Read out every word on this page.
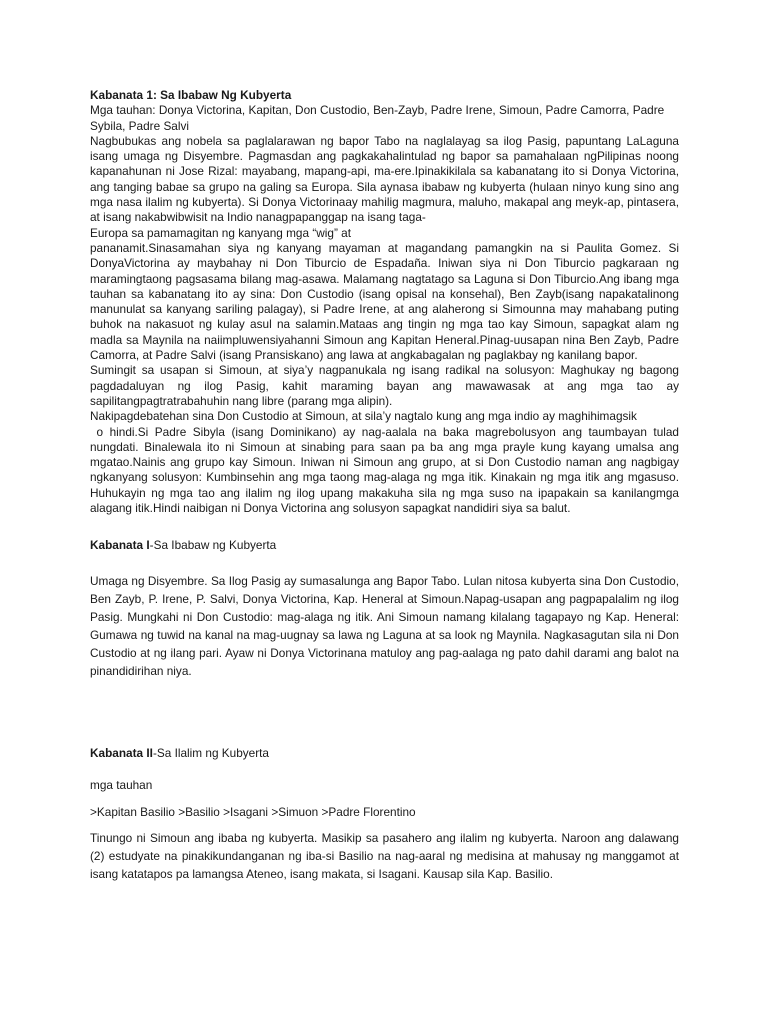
Kabanata 1: Sa Ibabaw Ng Kubyerta

Mga tauhan: Donya Victorina, Kapitan, Don Custodio, Ben-Zayb, Padre Irene, Simoun, Padre Camorra, Padre Sybila, Padre Salvi

Nagbubukas ang nobela sa paglalarawan ng bapor Tabo na naglalayag sa ilog Pasig, papuntang LaLaguna isang umaga ng Disyembre. Pagmasdan ang pagkakahalintulad ng bapor sa pamahalaan ngPilipinas noong kapanahunan ni Jose Rizal: mayabang, mapang-api, ma-ere.Ipinakikilala sa kabanatang ito si Donya Victorina, ang tanging babae sa grupo na galing sa Europa. Sila aynasa ibabaw ng kubyerta (hulaan ninyo kung sino ang mga nasa ilalim ng kubyerta). Si Donya Victorinaay mahilig magmura, maluho, makapal ang meyk-ap, pintasera, at isang nakabwibwisit na Indio nanagpapanggap na isang taga-

Europa sa pamamagitan ng kanyang mga “wig” at

pananamit.Sinasamahan siya ng kanyang mayaman at magandang pamangkin na si Paulita Gomez. Si DonyaVictorina ay maybahay ni Don Tiburcio de Espadaña. Iniwan siya ni Don Tiburcio pagkaraan ng maramingtaong pagsasama bilang mag-asawa. Malamang nagtatago sa Laguna si Don Tiburcio.Ang ibang mga tauhan sa kabanatang ito ay sina: Don Custodio (isang opisal na konsehal), Ben Zayb(isang napakatalinong manunulat sa kanyang sariling palagay), si Padre Irene, at ang alaherong si Simounna may mahabang puting buhok na nakasuot ng kulay asul na salamin.Mataas ang tingin ng mga tao kay Simoun, sapagkat alam ng madla sa Maynila na naiimpluwensiyahanni Simoun ang Kapitan Heneral.Pinag-uusapan nina Ben Zayb, Padre Camorra, at Padre Salvi (isang Pransiskano) ang lawa at angkabagalan ng paglakbay ng kanilang bapor.

Sumingit sa usapan si Simoun, at siya’y nagpanukala ng isang radikal na solusyon: Maghukay ng bagong pagdadaluyan ng ilog Pasig, kahit maraming bayan ang mawawasak at ang mga tao ay sapilitangpagtratrabahuhin nang libre (parang mga alipin).

Nakipagdebatehan sina Don Custodio at Simoun, at sila’y nagtalo kung ang mga indio ay maghihimagsik

o hindi.Si Padre Sibyla (isang Dominikano) ay nag-aalala na baka magrebolusyon ang taumbayan tulad nungdati. Binalewala ito ni Simoun at sinabing para saan pa ba ang mga prayle kung kayang umalsa ang mgatao.Nainis ang grupo kay Simoun. Iniwan ni Simoun ang grupo, at si Don Custodio naman ang nagbigay ngkanyang solusyon: Kumbinsehin ang mga taong mag-alaga ng mga itik. Kinakain ng mga itik ang mgasuso. Huhukayin ng mga tao ang ilalim ng ilog upang makakuha sila ng mga suso na ipapakain sa kanilangmga alagang itik.Hindi naibigan ni Donya Victorina ang solusyon sapagkat nandidiri siya sa balut.

Kabanata I-Sa Ibabaw ng Kubyerta

Umaga ng Disyembre. Sa Ilog Pasig ay sumasalunga ang Bapor Tabo. Lulan nitosa kubyerta sina Don Custodio, Ben Zayb, P. Irene, P. Salvi, Donya Victorina, Kap. Heneral at Simoun.Napag-usapan ang pagpapalalim ng ilog Pasig. Mungkahi ni Don Custodio: mag-alaga ng itik. Ani Simoun namang kilalang tagapayo ng Kap. Heneral: Gumawa ng tuwid na kanal na mag-uugnay sa lawa ng Laguna at sa look ng Maynila. Nagkasagutan sila ni Don Custodio at ng ilang pari. Ayaw ni Donya Victorinana matuloy ang pag-aalaga ng pato dahil darami ang balot na pinandidirihan niya.

Kabanata II-Sa Ilalim ng Kubyerta

mga tauhan

>Kapitan Basilio >Basilio >Isagani >Simuon >Padre Florentino

Tinungo ni Simoun ang ibaba ng kubyerta. Masikip sa pasahero ang ilalim ng kubyerta. Naroon ang dalawang (2) estudyate na pinakikundanganan ng iba-si Basilio na nag-aaral ng medisina at mahusay ng manggamot at isang katatapos pa lamangsa Ateneo, isang makata, si Isagani. Kausap sila Kap. Basilio.
